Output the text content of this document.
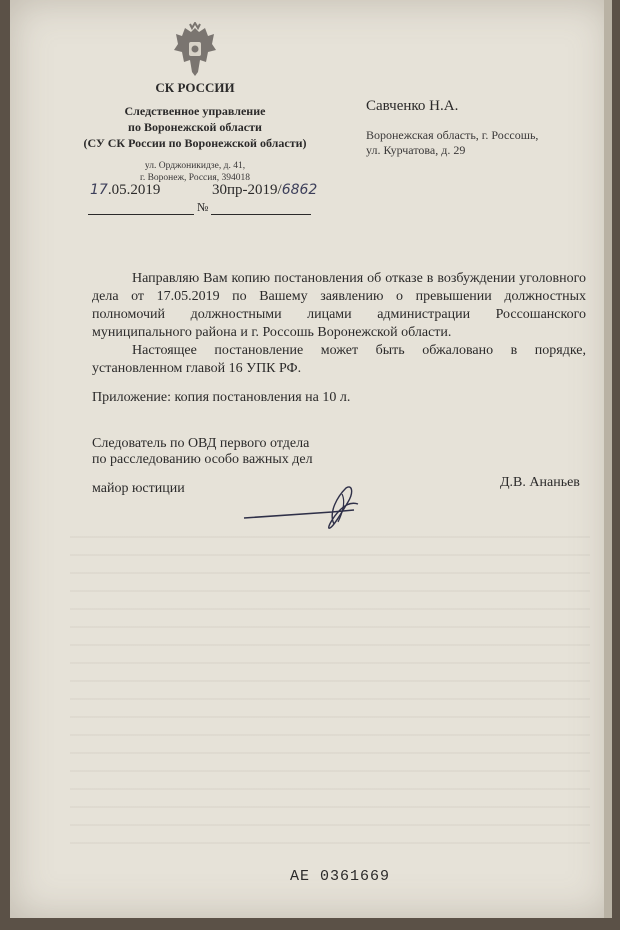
СК РОССИИ
Следственное управление
по Воронежской области
(СУ СК России по Воронежской области)
ул. Орджоникидзе, д. 41,
г. Воронеж, Россия, 394018
17.05.2019	30пр-2019/6862
№
Савченко Н.А.
Воронежская область, г. Россошь,
ул. Курчатова, д. 29

Направляю Вам копию постановления об отказе в возбуждении уголовного дела от 17.05.2019 по Вашему заявлению о превышении должностных полномочий должностными лицами администрации Россошанского муниципального района и г. Россошь Воронежской области.

Настоящее постановление может быть обжаловано в порядке, установленном главой 16 УПК РФ.

Приложение: копия постановления на 10 л.
Следователь по ОВД первого отдела
по расследованию особо важных дел
майор юстиции	Д.В. Ананьев
АЕ 0361669
